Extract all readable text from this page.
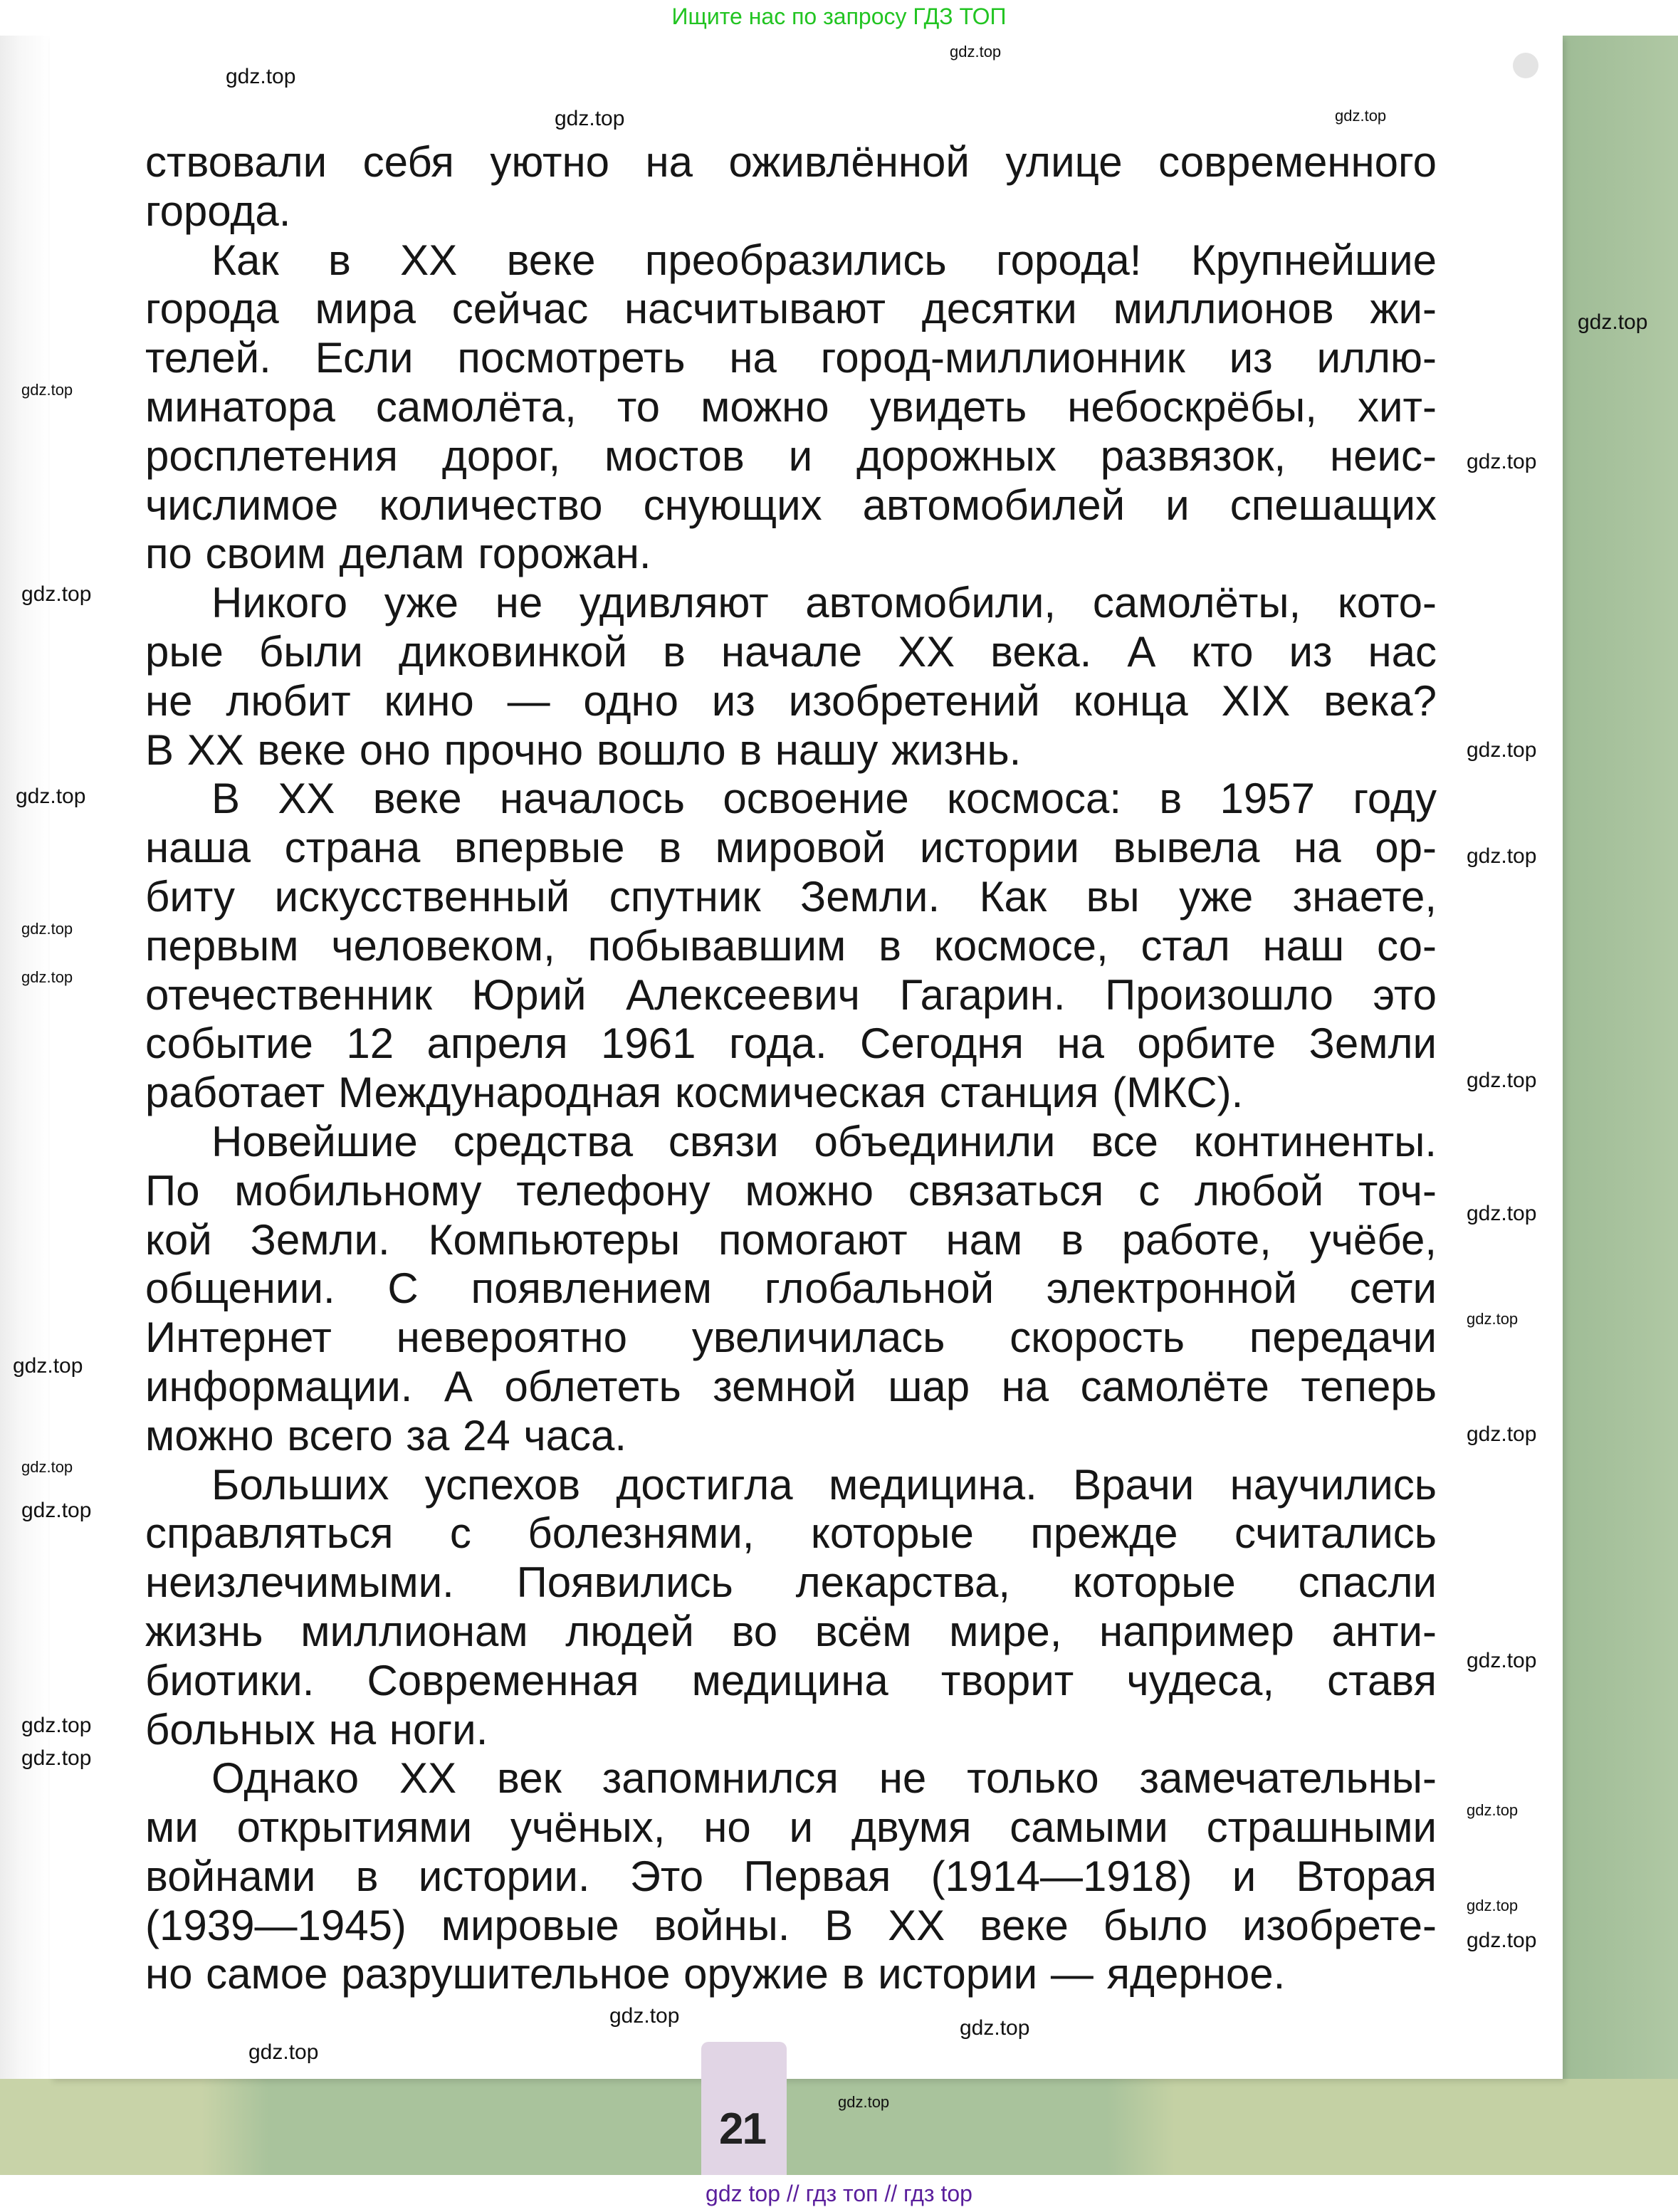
Ищите нас по запросу ГДЗ ТОП
21
ствовали себя уютно на оживлённой улице современного
города.
Как в XX веке преобразились города! Крупнейшие
города мира сейчас насчитывают десятки миллионов жи-
телей. Если посмотреть на город-миллионник из иллю-
минатора самолёта, то можно увидеть небоскрёбы, хит-
росплетения дорог, мостов и дорожных развязок, неис-
числимое количество снующих автомобилей и спешащих
по своим делам горожан.
Никого уже не удивляют автомобили, самолёты, кото-
рые были диковинкой в начале XX века. А кто из нас
не любит кино — одно из изобретений конца XIX века?
В XX веке оно прочно вошло в нашу жизнь.
В XX веке началось освоение космоса: в 1957 году
наша страна впервые в мировой истории вывела на ор-
биту искусственный спутник Земли. Как вы уже знаете,
первым человеком, побывавшим в космосе, стал наш со-
отечественник Юрий Алексеевич Гагарин. Произошло это
событие 12 апреля 1961 года. Сегодня на орбите Земли
работает Международная космическая станция (МКС).
Новейшие средства связи объединили все континенты.
По мобильному телефону можно связаться с любой точ-
кой Земли. Компьютеры помогают нам в работе, учёбе,
общении. С появлением глобальной электронной сети
Интернет невероятно увеличилась скорость передачи
информации. А облететь земной шар на самолёте теперь
можно всего за 24 часа.
Больших успехов достигла медицина. Врачи научились
справляться с болезнями, которые прежде считались
неизлечимыми. Появились лекарства, которые спасли
жизнь миллионам людей во всём мире, например анти-
биотики. Современная медицина творит чудеса, ставя
больных на ноги.
Однако XX век запомнился не только замечательны-
ми открытиями учёных, но и двумя самыми страшными
войнами в истории. Это Первая (1914—1918) и Вторая
(1939—1945) мировые войны. В XX веке было изобрете-
но самое разрушительное оружие в истории — ядерное.
gdz top // гдз топ // гдз top
gdz.top
gdz.top
gdz.top
gdz.top
gdz.top
gdz.top
gdz.top
gdz.top
gdz.top
gdz.top
gdz.top
gdz.top
gdz.top
gdz.top
gdz.top
gdz.top
gdz.top
gdz.top
gdz.top
gdz.top
gdz.top
gdz.top
gdz.top
gdz.top
gdz.top
gdz.top
gdz.top
gdz.top
gdz.top
gdz.top
